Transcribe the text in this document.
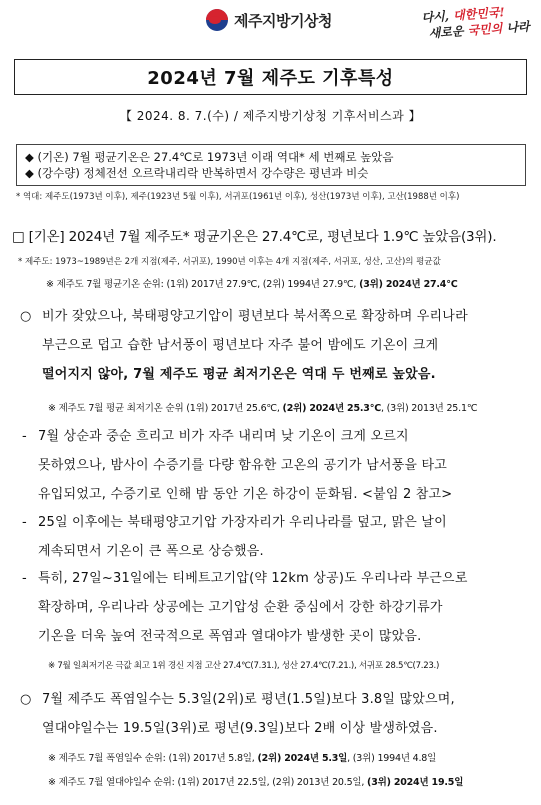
제주지방기상청	다시, 대한민국!
새로운 국민의 나라
2024년 7월 제주도 기후특성
【 2024. 8. 7.(수) / 제주지방기상청 기후서비스과 】
◆ (기온) 7월 평균기온은 27.4℃로 1973년 이래 역대* 세 번째로 높았음
◆ (강수량) 정체전선 오르락내리락 반복하면서 강수량은 평년과 비슷
* 역대: 제주도(1973년 이후), 제주(1923년 5월 이후), 서귀포(1961년 이후), 성산(1973년 이후), 고산(1988년 이후)
□ [기온] 2024년 7월 제주도* 평균기온은 27.4℃로, 평년보다 1.9℃ 높았음(3위).
* 제주도: 1973~1989년은 2개 지점(제주, 서귀포), 1990년 이후는 4개 지점(제주, 서귀포, 성산, 고산)의 평균값
※ 제주도 7월 평균기온 순위: (1위) 2017년 27.9℃, (2위) 1994년 27.9℃, (3위) 2024년 27.4℃
○ 비가 잦았으나, 북태평양고기압이 평년보다 북서쪽으로 확장하며 우리나라
부근으로 덥고 습한 남서풍이 평년보다 자주 불어 밤에도 기온이 크게
떨어지지 않아, 7월 제주도 평균 최저기온은 역대 두 번째로 높았음.
※ 제주도 7월 평균 최저기온 순위 (1위) 2017년 25.6℃, (2위) 2024년 25.3℃, (3위) 2013년 25.1℃
- 7월 상순과 중순 흐리고 비가 자주 내리며 낮 기온이 크게 오르지
못하였으나, 밤사이 수증기를 다량 함유한 고온의 공기가 남서풍을 타고
유입되었고, 수증기로 인해 밤 동안 기온 하강이 둔화됨. <붙임 2 참고>
- 25일 이후에는 북태평양고기압 가장자리가 우리나라를 덮고, 맑은 날이
계속되면서 기온이 큰 폭으로 상승했음.
- 특히, 27일~31일에는 티베트고기압(약 12km 상공)도 우리나라 부근으로
확장하며, 우리나라 상공에는 고기압성 순환 중심에서 강한 하강기류가
기온을 더욱 높여 전국적으로 폭염과 열대야가 발생한 곳이 많았음.
※ 7월 일최저기온 극값 최고 1위 경신 지점 고산 27.4℃(7.31.), 성산 27.4℃(7.21.), 서귀포 28.5℃(7.23.)
○ 7월 제주도 폭염일수는 5.3일(2위)로 평년(1.5일)보다 3.8일 많았으며,
열대야일수는 19.5일(3위)로 평년(9.3일)보다 2배 이상 발생하였음.
※ 제주도 7월 폭염일수 순위: (1위) 2017년 5.8일, (2위) 2024년 5.3일, (3위) 1994년 4.8일
※ 제주도 7월 열대야일수 순위: (1위) 2017년 22.5일, (2위) 2013년 20.5일, (3위) 2024년 19.5일
